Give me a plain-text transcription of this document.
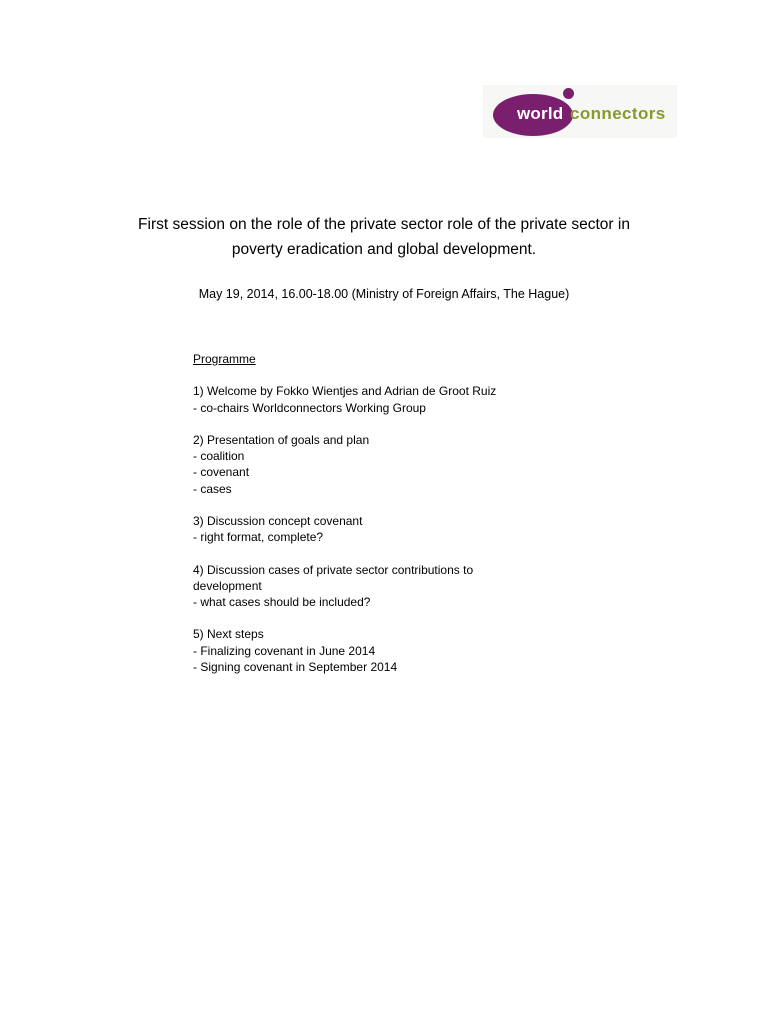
world connectors
First session on the role of the private sector role of the private sector in
poverty eradication and global development.
May 19, 2014, 16.00-18.00 (Ministry of Foreign Affairs, The Hague)
Programme
1) Welcome by Fokko Wientjes and Adrian de Groot Ruiz
- co-chairs Worldconnectors Working Group
2) Presentation of goals and plan
- coalition
- covenant
- cases
3) Discussion concept covenant
- right format, complete?
4) Discussion cases of private sector contributions to
development
- what cases should be included?
5) Next steps
- Finalizing covenant in June 2014
- Signing covenant in September 2014
